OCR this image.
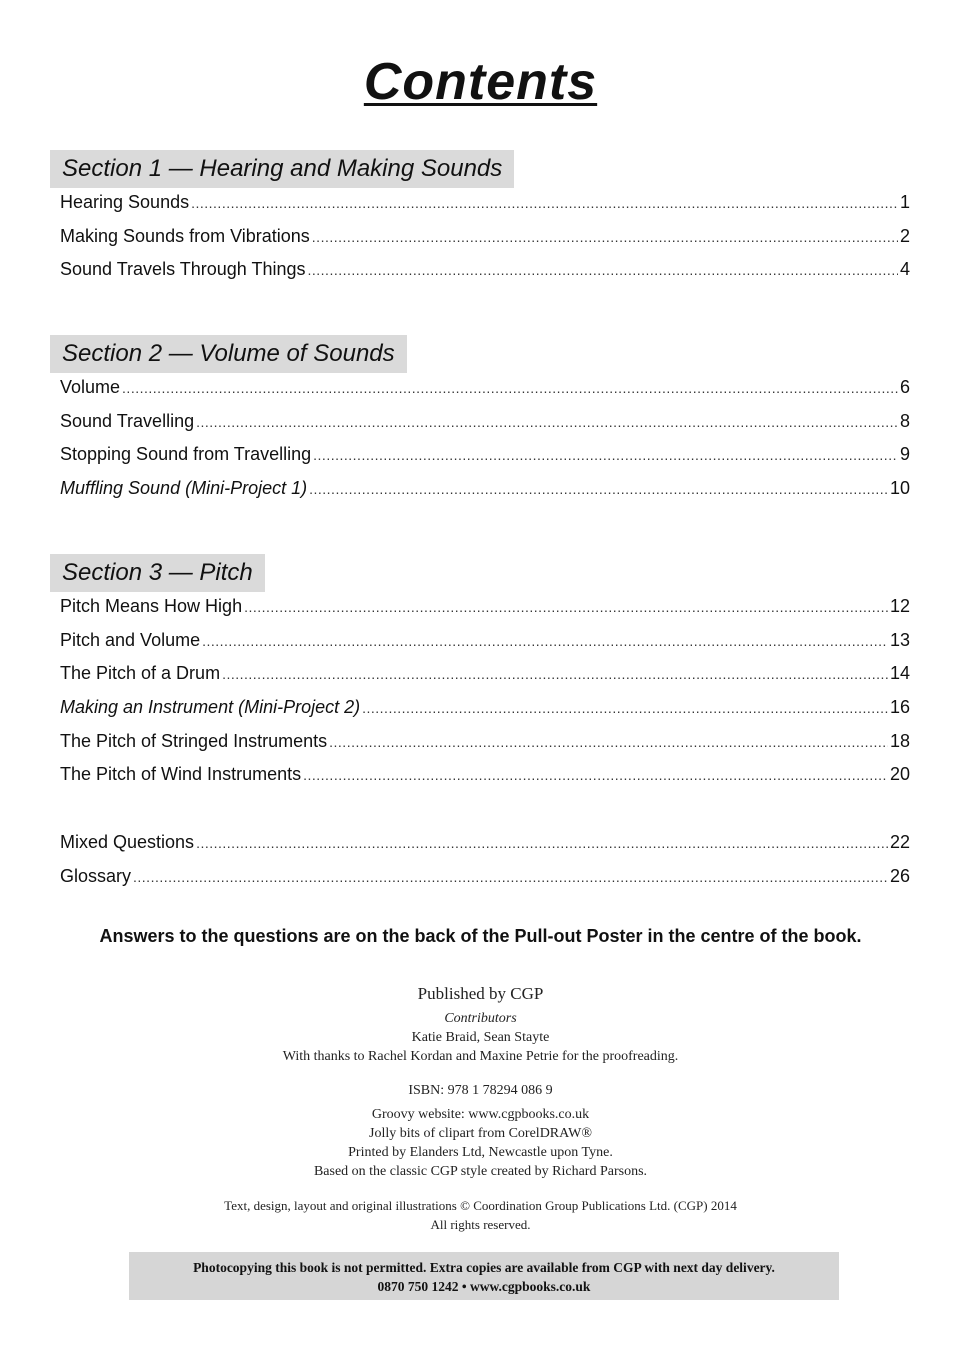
Contents
Section 1 — Hearing and Making Sounds
Hearing Sounds .....	1
Making Sounds from Vibrations .....	2
Sound Travels Through Things .....	4
Section 2 — Volume of Sounds
Volume .....	6
Sound Travelling .....	8
Stopping Sound from Travelling .....	9
Muffling Sound (Mini-Project 1) .....	10
Section 3 — Pitch
Pitch Means How High .....	12
Pitch and Volume .....	13
The Pitch of a Drum .....	14
Making an Instrument (Mini-Project 2) .....	16
The Pitch of Stringed Instruments .....	18
The Pitch of Wind Instruments .....	20
Mixed Questions .....	22
Glossary .....	26
Answers to the questions are on the back of the Pull-out Poster in the centre of the book.
Published by CGP
Contributors
Katie Braid, Sean Stayte
With thanks to Rachel Kordan and Maxine Petrie for the proofreading.
ISBN: 978 1 78294 086 9
Groovy website: www.cgpbooks.co.uk
Jolly bits of clipart from CorelDRAW®
Printed by Elanders Ltd, Newcastle upon Tyne.
Based on the classic CGP style created by Richard Parsons.
Text, design, layout and original illustrations © Coordination Group Publications Ltd. (CGP) 2014
All rights reserved.
Photocopying this book is not permitted. Extra copies are available from CGP with next day delivery.
0870 750 1242 • www.cgpbooks.co.uk
